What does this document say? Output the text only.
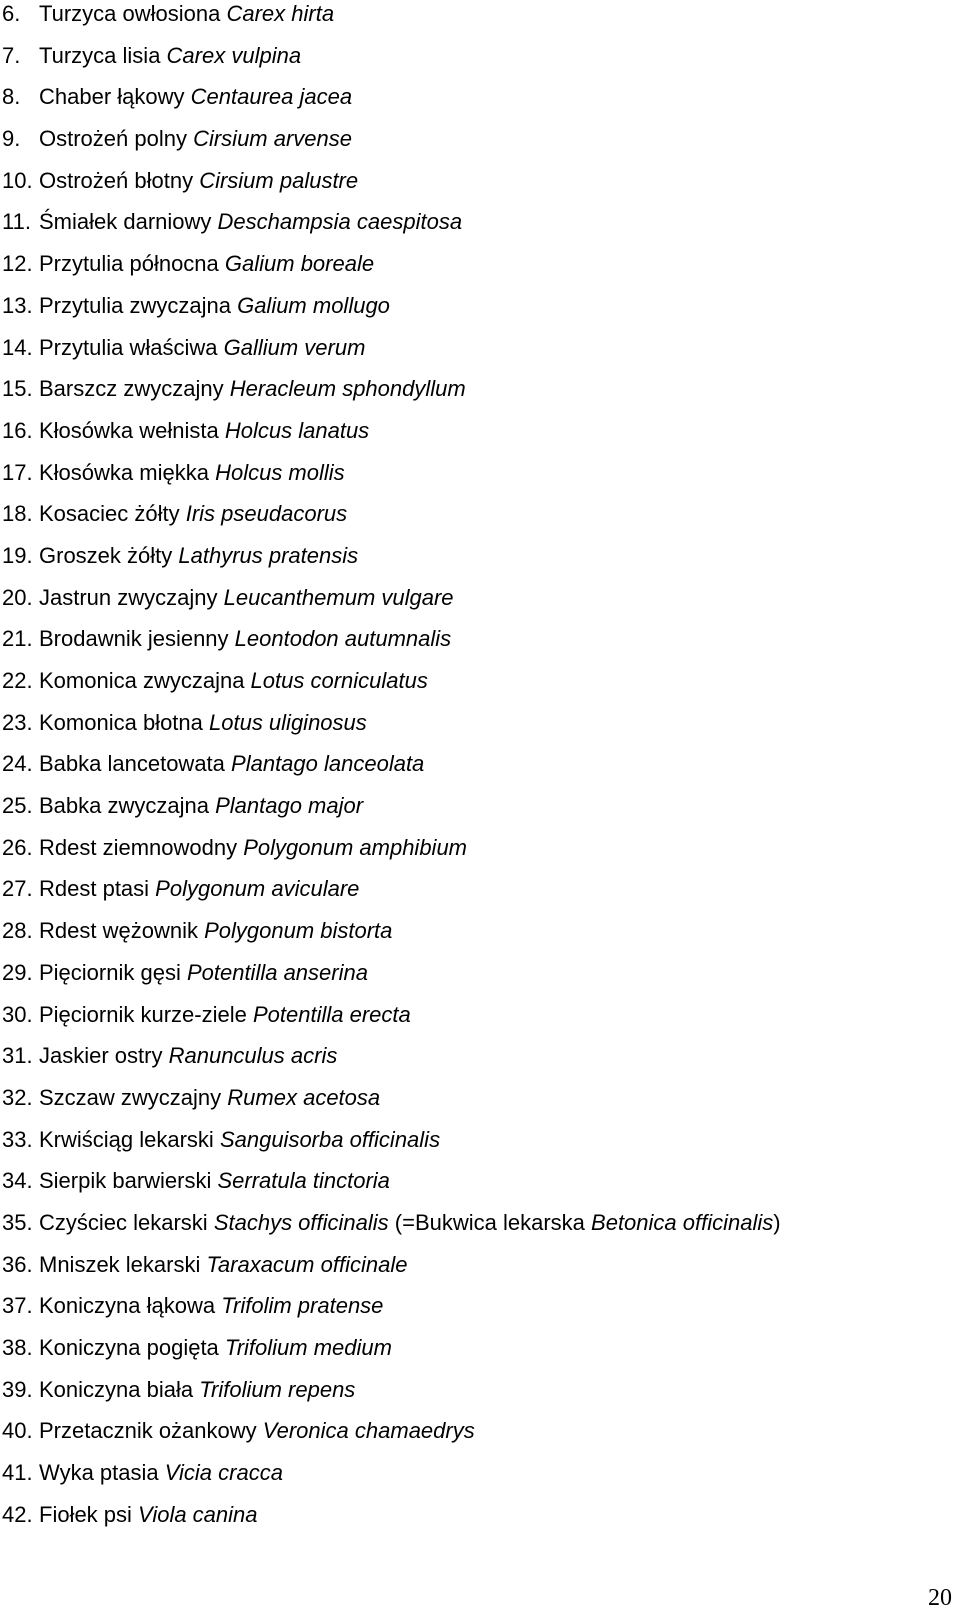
6. Turzyca owłosiona Carex hirta
7. Turzyca lisia Carex vulpina
8. Chaber łąkowy Centaurea jacea
9. Ostrożeń polny Cirsium arvense
10. Ostrożeń błotny Cirsium palustre
11. Śmiałek darniowy Deschampsia caespitosa
12. Przytulia północna Galium boreale
13. Przytulia zwyczajna Galium mollugo
14. Przytulia właściwa Gallium verum
15. Barszcz zwyczajny Heracleum sphondyllum
16. Kłosówka wełnista Holcus lanatus
17. Kłosówka miękka Holcus mollis
18. Kosaciec żółty Iris pseudacorus
19. Groszek żółty Lathyrus pratensis
20. Jastrun zwyczajny Leucanthemum vulgare
21. Brodawnik jesienny Leontodon autumnalis
22. Komonica zwyczajna Lotus corniculatus
23. Komonica błotna Lotus uliginosus
24. Babka lancetowata Plantago lanceolata
25. Babka zwyczajna Plantago major
26. Rdest ziemnowodny Polygonum amphibium
27. Rdest ptasi Polygonum aviculare
28. Rdest wężownik Polygonum bistorta
29. Pięciornik gęsi Potentilla anserina
30. Pięciornik kurze-ziele Potentilla erecta
31. Jaskier ostry Ranunculus acris
32. Szczaw zwyczajny Rumex acetosa
33. Krwiściąg lekarski Sanguisorba officinalis
34. Sierpik barwierski Serratula tinctoria
35. Czyściec lekarski Stachys officinalis (=Bukwica lekarska Betonica officinalis)
36. Mniszek lekarski Taraxacum officinale
37. Koniczyna łąkowa Trifolim pratense
38. Koniczyna pogięta Trifolium medium
39. Koniczyna biała Trifolium repens
40. Przetacznik ożankowy Veronica chamaedrys
41. Wyka ptasia Vicia cracca
42. Fiołek psi Viola canina
20
